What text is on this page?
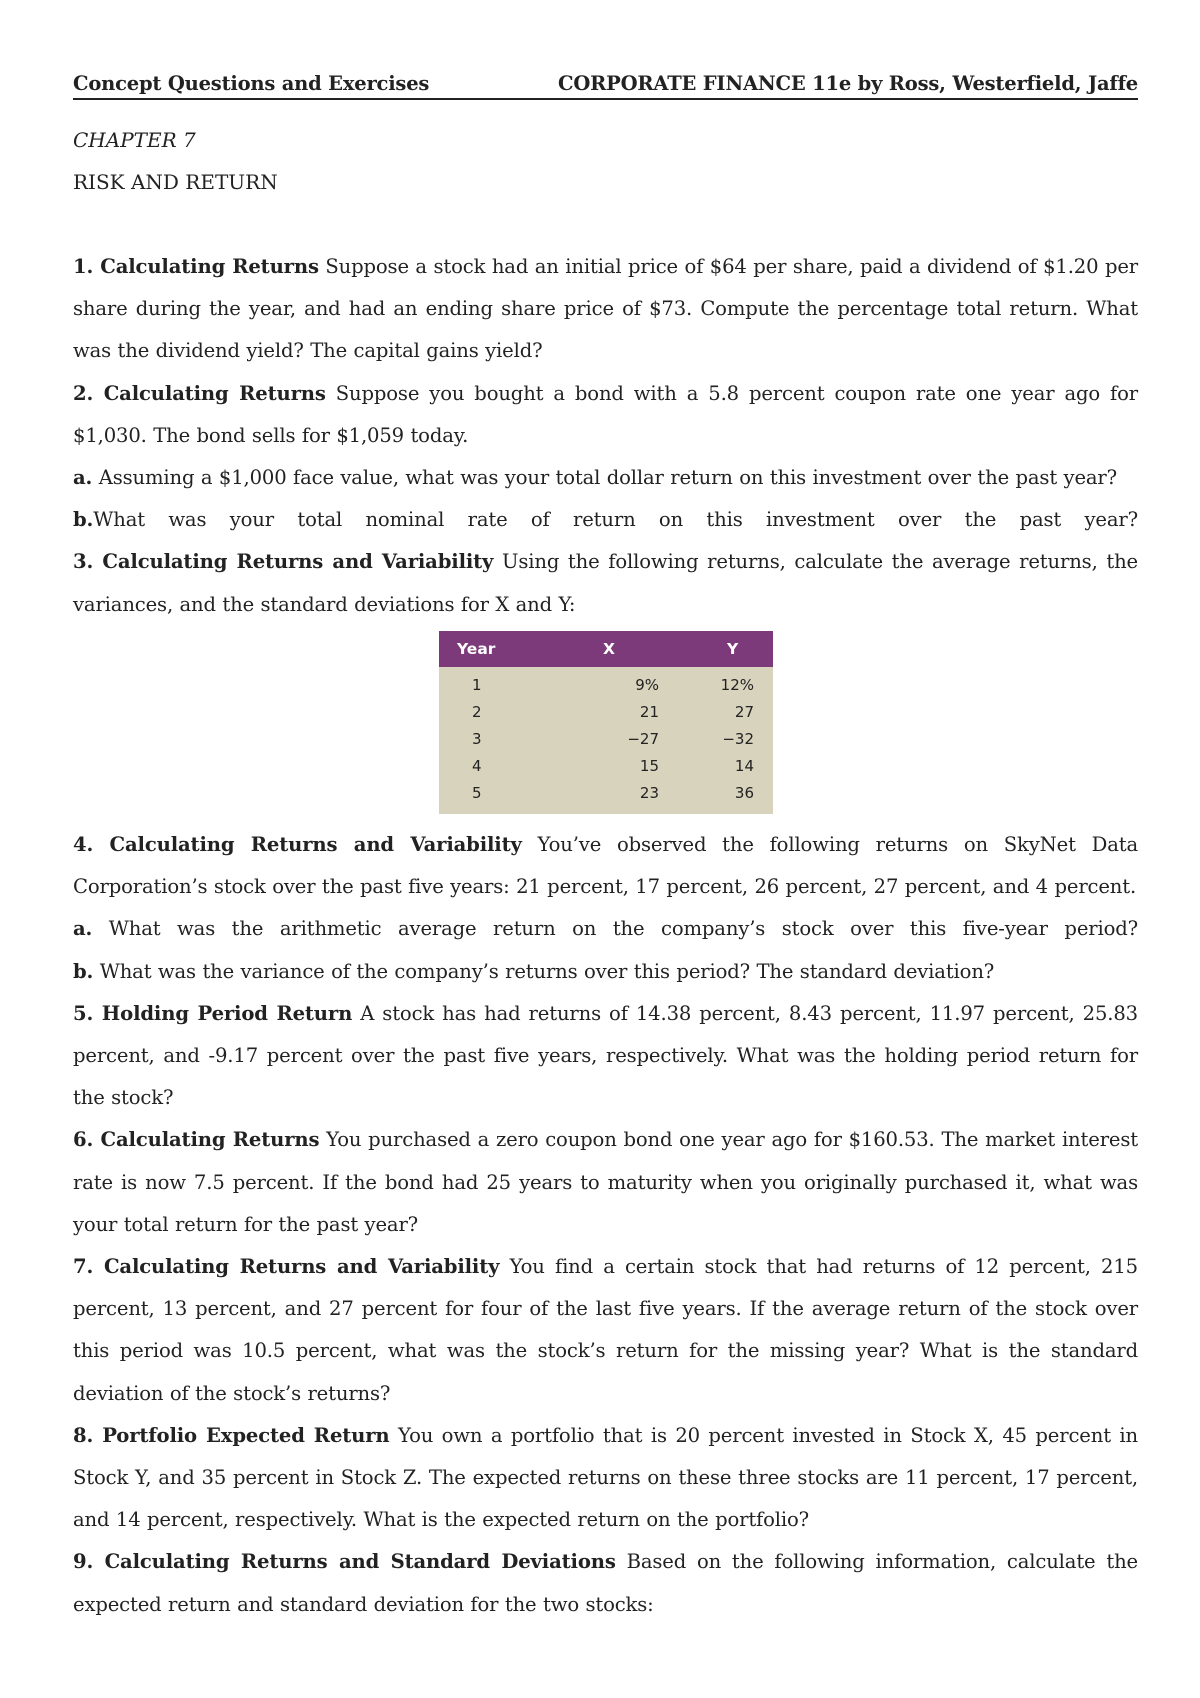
Concept Questions and Exercises	CORPORATE FINANCE 11e by Ross, Westerfield, Jaffe
CHAPTER 7
RISK AND RETURN

1. Calculating Returns Suppose a stock had an initial price of $64 per share, paid a dividend of $1.20 per share during the year, and had an ending share price of $73. Compute the percentage total return. What was the dividend yield? The capital gains yield?

2. Calculating Returns Suppose you bought a bond with a 5.8 percent coupon rate one year ago for $1,030. The bond sells for $1,059 today.

a. Assuming a $1,000 face value, what was your total dollar return on this investment over the past year?

b.What was your total nominal rate of return on this investment over the past year?

3. Calculating Returns and Variability Using the following returns, calculate the average returns, the variances, and the standard deviations for X and Y:

Year	X	Y
1	9%	12%
2	21	27
3	−27	−32
4	15	14
5	23	36

4. Calculating Returns and Variability You’ve observed the following returns on SkyNet Data Corporation’s stock over the past five years: 21 percent, 17 percent, 26 percent, 27 percent, and 4 percent.

a. What was the arithmetic average return on the company’s stock over this five-year period?

b. What was the variance of the company’s returns over this period? The standard deviation?

5. Holding Period Return A stock has had returns of 14.38 percent, 8.43 percent, 11.97 percent, 25.83 percent, and -9.17 percent over the past five years, respectively. What was the holding period return for the stock?

6. Calculating Returns You purchased a zero coupon bond one year ago for $160.53. The market interest rate is now 7.5 percent. If the bond had 25 years to maturity when you originally purchased it, what was your total return for the past year?

7. Calculating Returns and Variability You find a certain stock that had returns of 12 percent, 215 percent, 13 percent, and 27 percent for four of the last five years. If the average return of the stock over this period was 10.5 percent, what was the stock’s return for the missing year? What is the standard deviation of the stock’s returns?

8. Portfolio Expected Return You own a portfolio that is 20 percent invested in Stock X, 45 percent in Stock Y, and 35 percent in Stock Z. The expected returns on these three stocks are 11 percent, 17 percent, and 14 percent, respectively. What is the expected return on the portfolio?

9. Calculating Returns and Standard Deviations Based on the following information, calculate the expected return and standard deviation for the two stocks:
